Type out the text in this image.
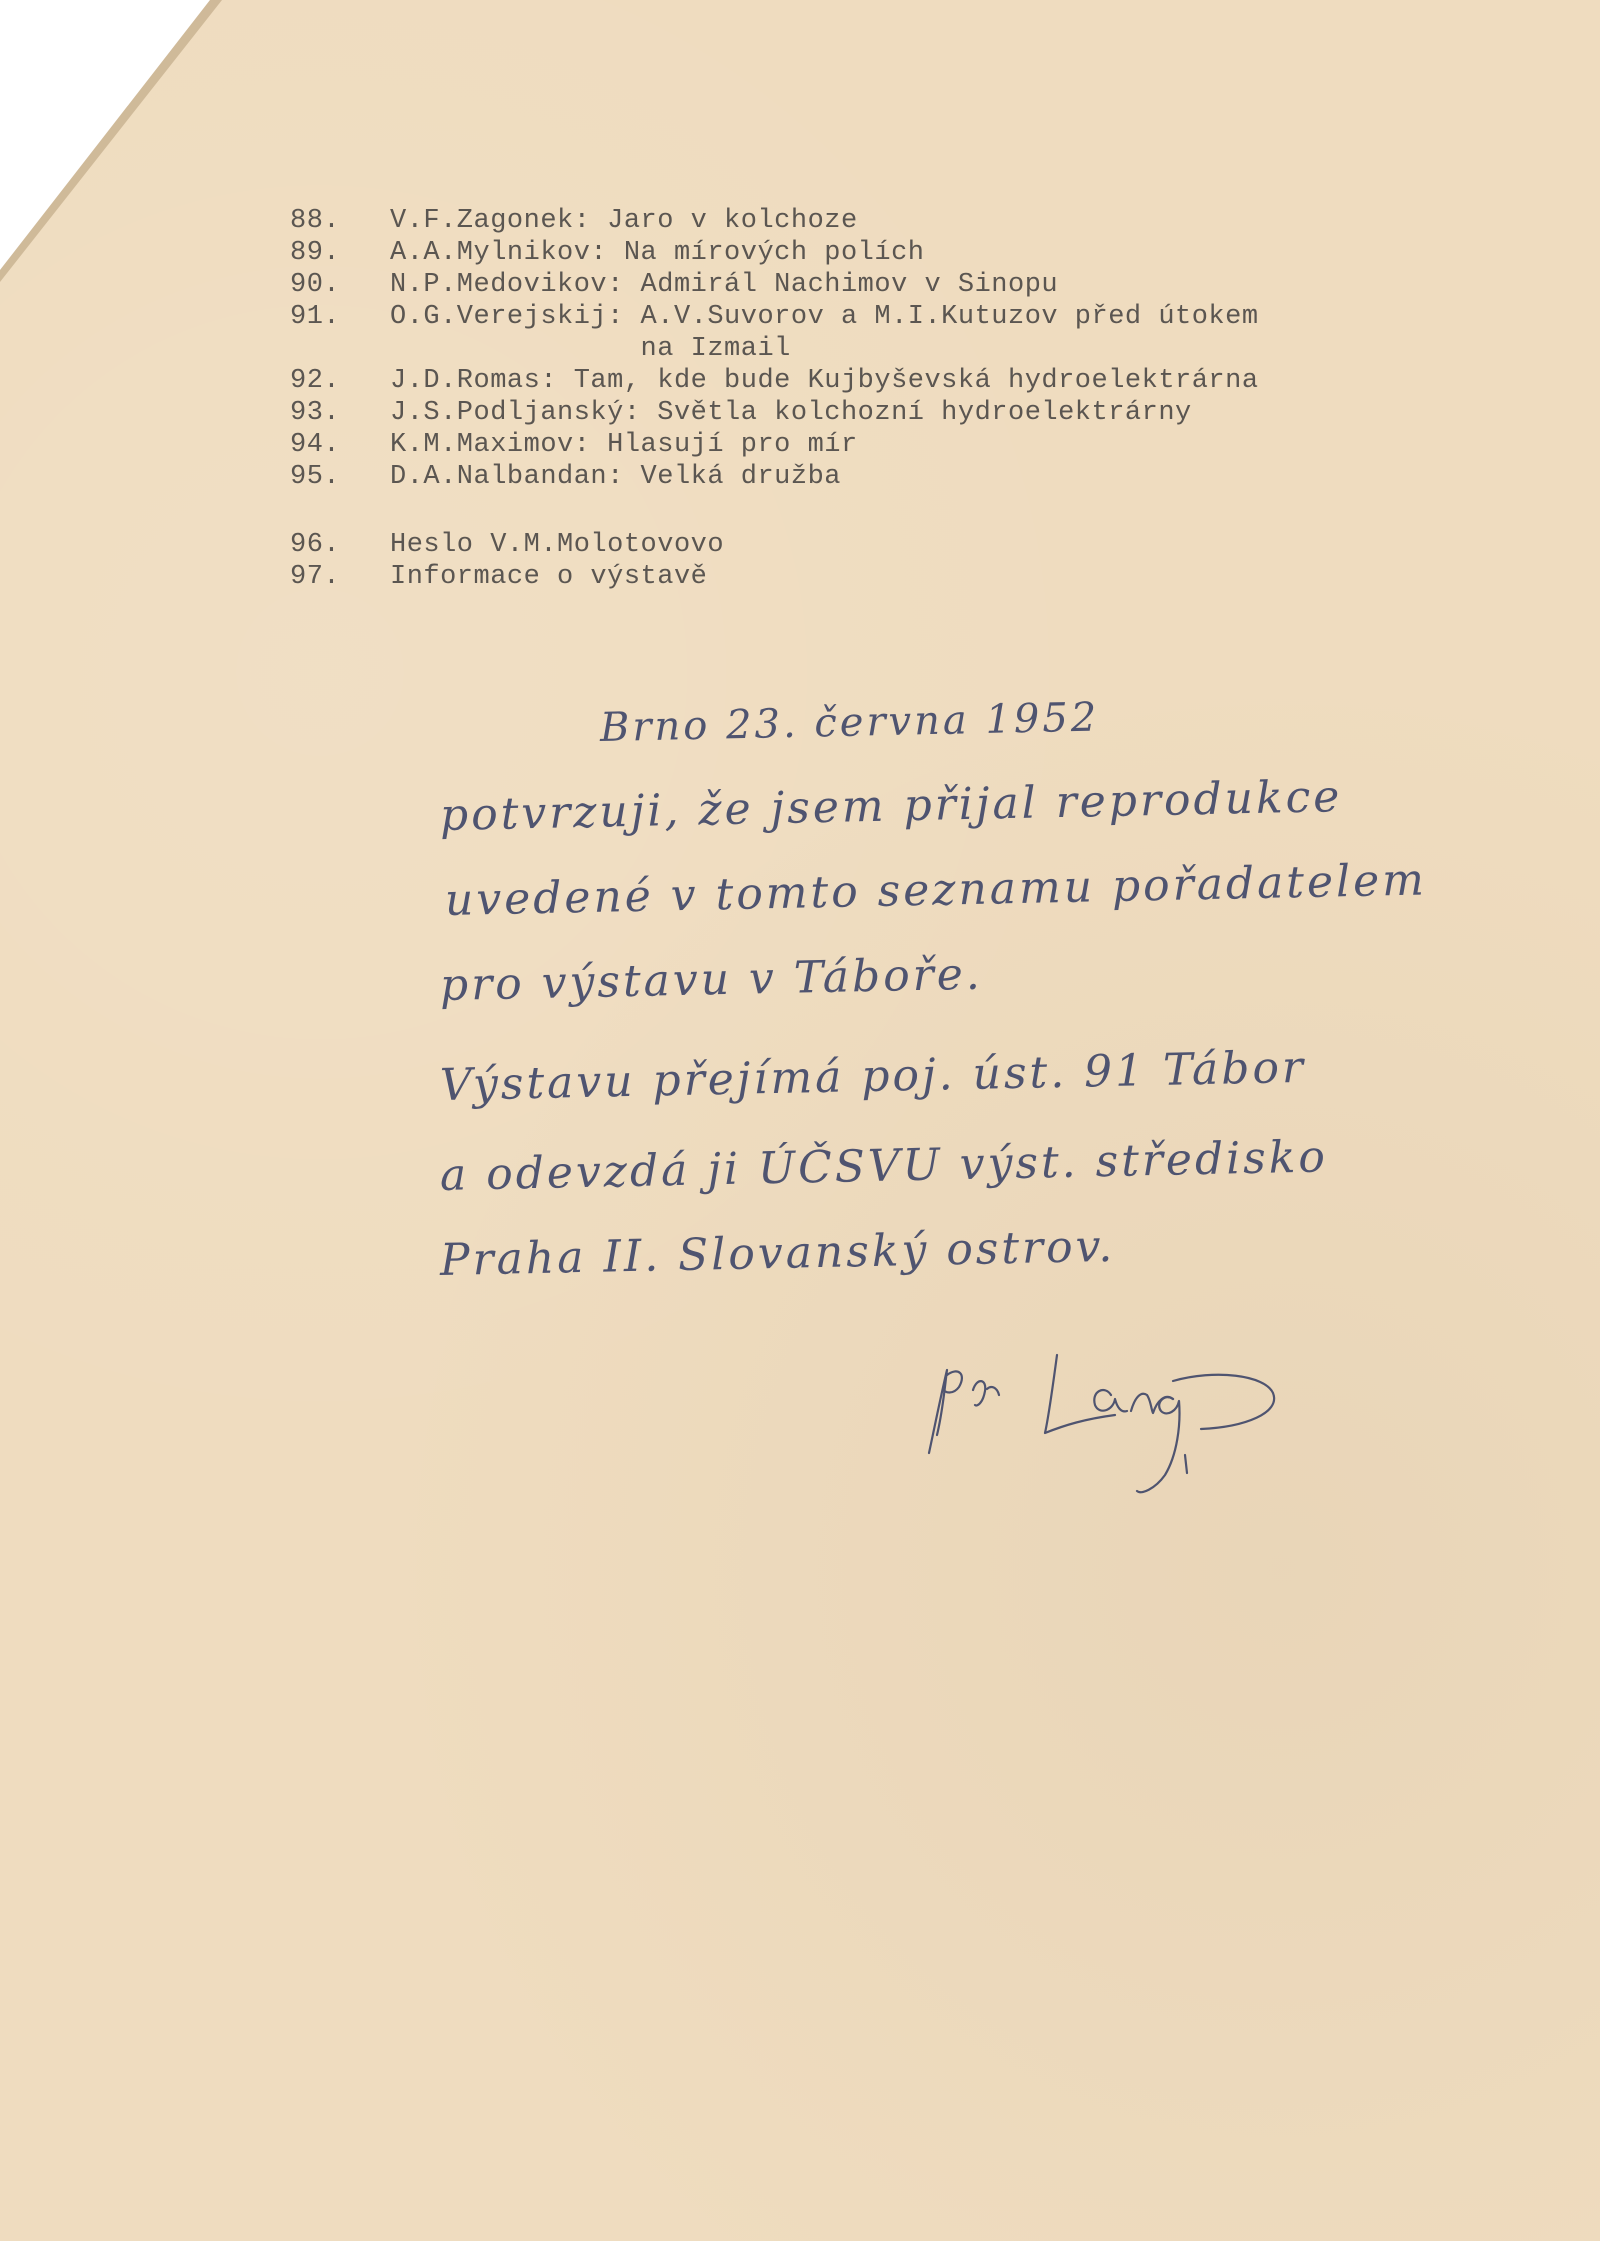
88.	V.F.Zagonek: Jaro v kolchoze
89.	A.A.Mylnikov: Na mírových polích
90.	N.P.Medovikov: Admirál Nachimov v Sinopu
91.	O.G.Verejskij: A.V.Suvorov a M.I.Kutuzov před útokem
na Izmail
92.	J.D.Romas: Tam, kde bude Kujbyševská hydroelektrárna
93.	J.S.Podljanský: Světla kolchozní hydroelektrárny
94.	K.M.Maximov: Hlasují pro mír
95.	D.A.Nalbandan: Velká družba
96.	Heslo V.M.Molotovovo
97.	Informace o výstavě
Brno 23. června 1952
potvrzuji, že jsem přijal reprodukce
uvedené v tomto seznamu pořadatelem
pro výstavu v Táboře.
Výstavu přejímá poj. úst. 91 Tábor
a odevzdá ji ÚČSVU výst. středisko
Praha II. Slovanský ostrov.
